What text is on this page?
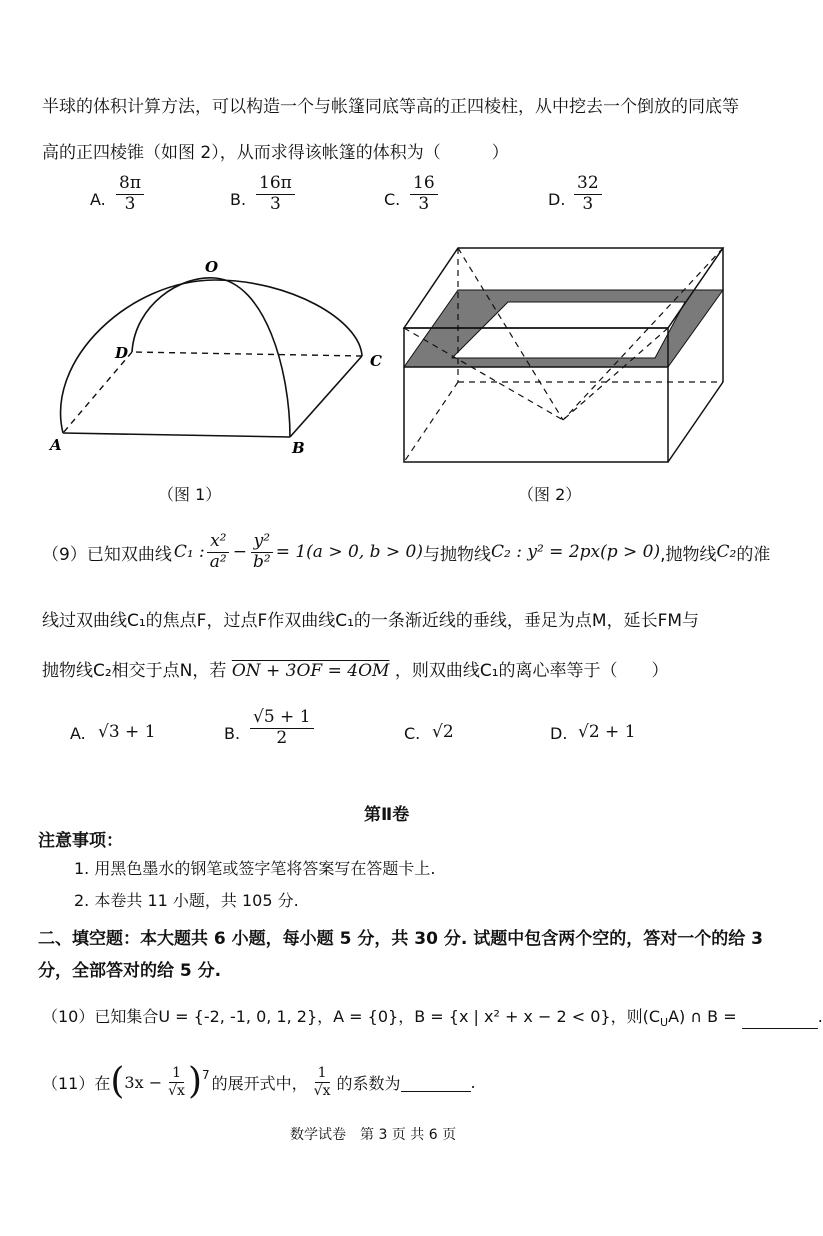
半球的体积计算方法，可以构造一个与帐篷同底等高的正四棱柱，从中挖去一个倒放的同底等
高的正四棱锥（如图 2），从而求得该帐篷的体积为（　　　）
A. $\frac{8\pi}{3}$	B. $\frac{16\pi}{3}$	C. $\frac{16}{3}$	D. $\frac{32}{3}$
O
D	C
A	B
（图 1）	（图 2）
（9）已知双曲线 C₁ : $\frac{\text{x²}}{\text{a²}} - \frac{\text{y²}}{\text{b²}} = 1(a > 0$, b > 0) 与抛物线 C₂ : y² = 2px(p > 0) ,抛物线 C₂ 的准
线过双曲线C₁的焦点F，过点F作双曲线C₁的一条渐近线的垂线，垂足为点M，延长FM与
抛物线C₂相交于点N，若 ON + 3OF = 4OM ，则双曲线C₁的离心率等于（　　）
A. √3 + 1	B. $\frac{√5 + 1}{2}$	C. √2	D. √2 + 1
第Ⅱ卷
注意事项：
1. 用黑色墨水的钢笔或签字笔将答案写在答题卡上.
2. 本卷共 11 小题，共 105 分.
二、填空题：本大题共 6 小题，每小题 5 分，共 30 分. 试题中包含两个空的，答对一个的给 3
分，全部答对的给 5 分.
（10）已知集合U = {-2, -1, 0, 1, 2}，A = {0}，B = {x | x² + x − 2 < 0}，则$(C_UA)$ ∩ B =	.
（11）在 ( $3x - \frac{1}{√x} )^7$ 的展开式中， $\frac{1}{√x}$ 的系数为	.
数学试卷　第 3 页 共 6 页
